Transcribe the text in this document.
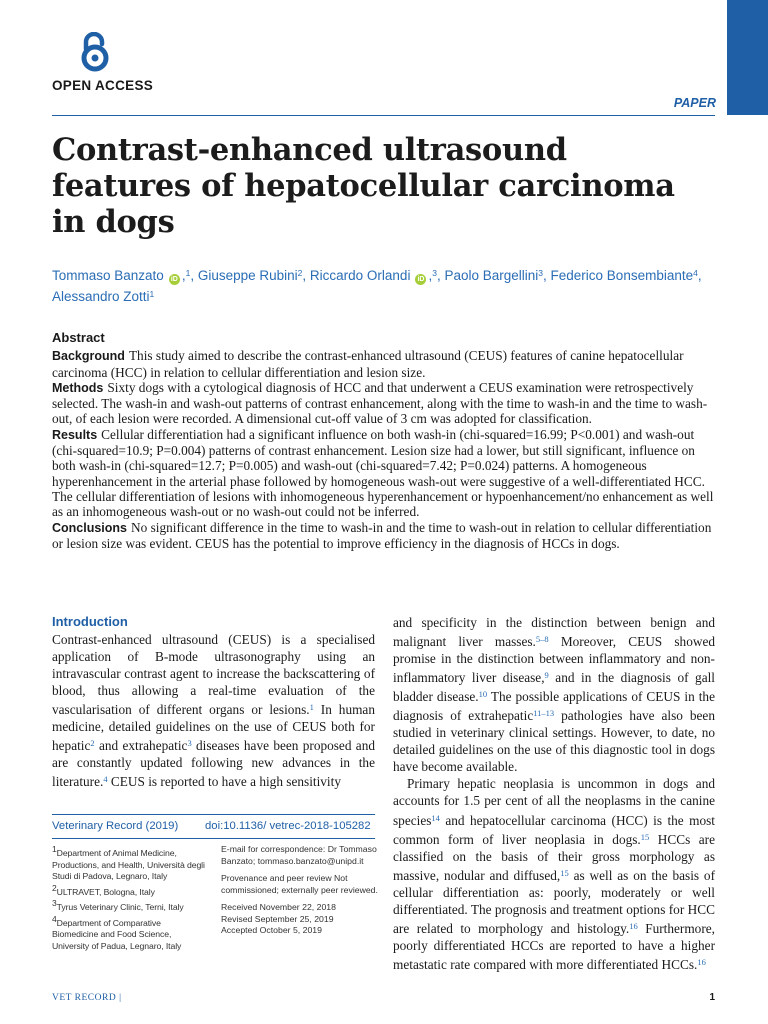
OPEN ACCESS
PAPER
Contrast-enhanced ultrasound features of hepatocellular carcinoma in dogs
Tommaso Banzato iD ,$^1$, Giuseppe Rubini$^2$, Riccardo Orlandi iD ,$^3$, Paolo Bargellini$^3$, Federico Bonsembiante$^4$, Alessandro Zotti$^1$
Abstract

Background This study aimed to describe the contrast-enhanced ultrasound (CEUS) features of canine hepatocellular carcinoma (HCC) in relation to cellular differentiation and lesion size.

Methods Sixty dogs with a cytological diagnosis of HCC and that underwent a CEUS examination were retrospectively selected. The wash-in and wash-out patterns of contrast enhancement, along with the time to wash-in and the time to wash-out, of each lesion were recorded. A dimensional cut-off value of 3 cm was adopted for classification.

Results Cellular differentiation had a significant influence on both wash-in (chi-squared=16.99; P<0.001) and wash-out (chi-squared=10.9; P=0.004) patterns of contrast enhancement. Lesion size had a lower, but still significant, influence on both wash-in (chi-squared=12.7; P=0.005) and wash-out (chi-squared=7.42; P=0.024) patterns. A homogeneous hyperenhancement in the arterial phase followed by homogeneous wash-out were suggestive of a well-differentiated HCC. The cellular differentiation of lesions with inhomogeneous hyperenhancement or hypoenhancement/no enhancement as well as an inhomogeneous wash-out or no wash-out could not be inferred.

Conclusions No significant difference in the time to wash-in and the time to wash-out in relation to cellular differentiation or lesion size was evident. CEUS has the potential to improve efficiency in the diagnosis of HCCs in dogs.

Introduction

Contrast-enhanced ultrasound (CEUS) is a specialised application of B-mode ultrasonography using an intravascular contrast agent to increase the backscattering of blood, thus allowing a real-time evaluation of the vascularisation of different organs or lesions.$^1$ In human medicine, detailed guidelines on the use of CEUS both for hepatic$^2$ and extrahepatic$^3$ diseases have been proposed and are constantly updated following new advances in the literature.$^4$ CEUS is reported to have a high sensitivity

and specificity in the distinction between benign and malignant liver masses.$^{5-8}$ Moreover, CEUS showed promise in the distinction between inflammatory and non-inflammatory liver disease,$^9$ and in the diagnosis of gall bladder disease.$^{10}$ The possible applications of CEUS in the diagnosis of extrahepatic$^{11-13}$ pathologies have also been studied in veterinary clinical settings. However, to date, no detailed guidelines on the use of this diagnostic tool in dogs have become available.

Primary hepatic neoplasia is uncommon in dogs and accounts for 1.5 per cent of all the neoplasms in the canine species$^{14}$ and hepatocellular carcinoma (HCC) is the most common form of liver neoplasia in dogs.$^{15}$ HCCs are classified on the basis of their gross morphology as massive, nodular and diffused,$^{15}$ as well as on the basis of cellular differentiation as: poorly, moderately or well differentiated. The prognosis and treatment options for HCC are related to morphology and histology.$^{16}$ Furthermore, poorly differentiated HCCs are reported to have a higher metastatic rate compared with more differentiated HCCs.$^{16}$

Veterinary Record (2019) doi:10.1136/ vetrec-2018-105282
1Department of Animal Medicine, Productions, and Health, Università degli Studi di Padova, Legnaro, Italy
2ULTRAVET, Bologna, Italy
3Tyrus Veterinary Clinic, Terni, Italy
4Department of Comparative Biomedicine and Food Science, University of Padua, Legnaro, Italy
E-mail for correspondence: Dr Tommaso Banzato; tommaso.banzato@unipd.it
Provenance and peer review Not commissioned; externally peer reviewed.
Received November 22, 2018
Revised September 25, 2019
Accepted October 5, 2019
VET RECORD |	1
